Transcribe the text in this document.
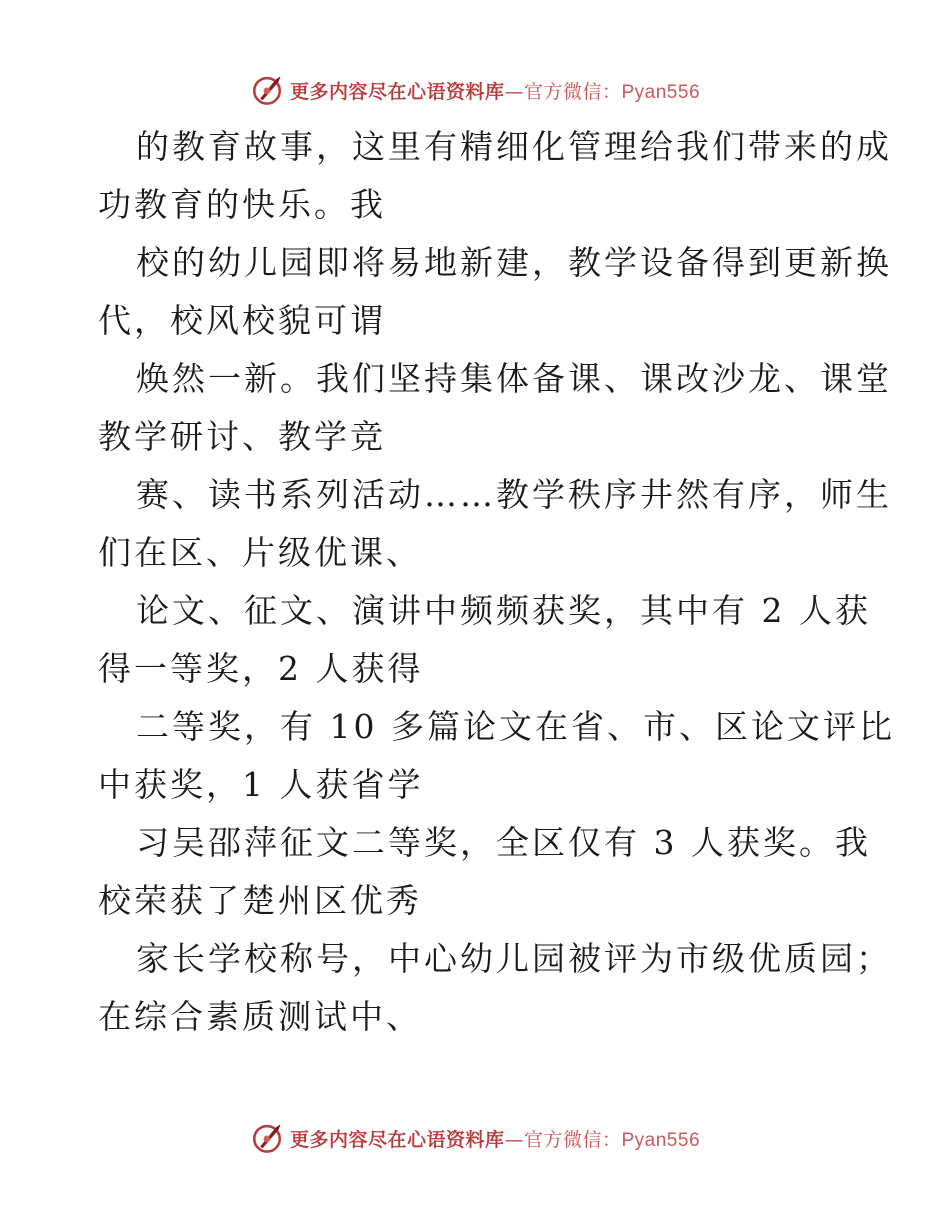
更多内容尽在心语资料库—官方微信：Pyan556

的教育故事，这里有精细化管理给我们带来的成
功教育的快乐。我

校的幼儿园即将易地新建，教学设备得到更新换
代，校风校貌可谓

焕然一新。我们坚持集体备课、课改沙龙、课堂
教学研讨、教学竞

赛、读书系列活动……教学秩序井然有序，师生
们在区、片级优课、

论文、征文、演讲中频频获奖，其中有 2 人获
得一等奖，2 人获得

二等奖，有 10 多篇论文在省、市、区论文评比
中获奖，1 人获省学

习吴邵萍征文二等奖，全区仅有 3 人获奖。我
校荣获了楚州区优秀

家长学校称号，中心幼儿园被评为市级优质园；
在综合素质测试中、

更多内容尽在心语资料库—官方微信：Pyan556
